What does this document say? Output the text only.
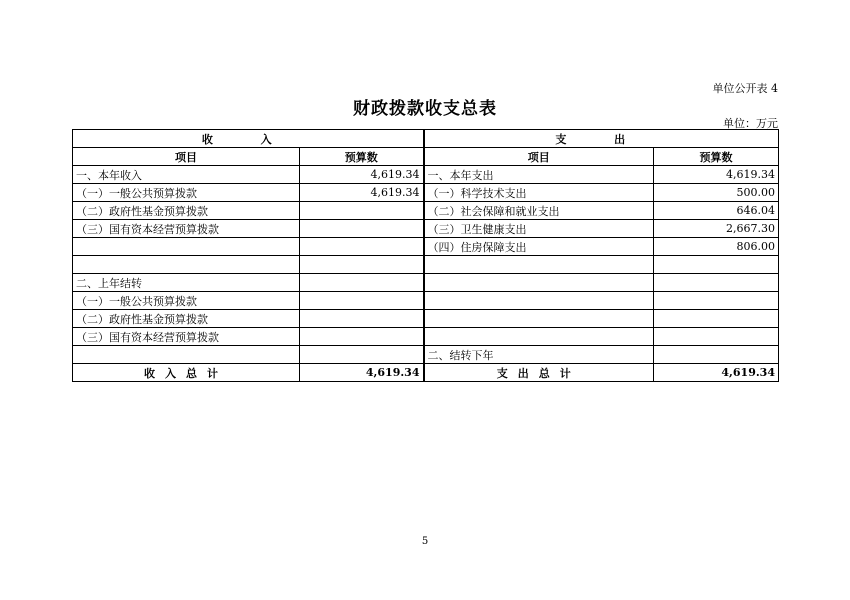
单位公开表 4
财政拨款收支总表
单位：万元
收 入		支 出	
项目	预算数	项目	预算数
一、本年收入	4,619.34	一、本年支出	4,619.34
（一）一般公共预算拨款	4,619.34	（一）科学技术支出	500.00
（二）政府性基金预算拨款		（二）社会保障和就业支出	646.04
（三）国有资本经营预算拨款		（三）卫生健康支出	2,667.30
		（四）住房保障支出	806.00

二、上年结转			
（一）一般公共预算拨款			
（二）政府性基金预算拨款			
（三）国有资本经营预算拨款			
		二、结转下年	
收入总计	4,619.34	支出总计	4,619.34
5
